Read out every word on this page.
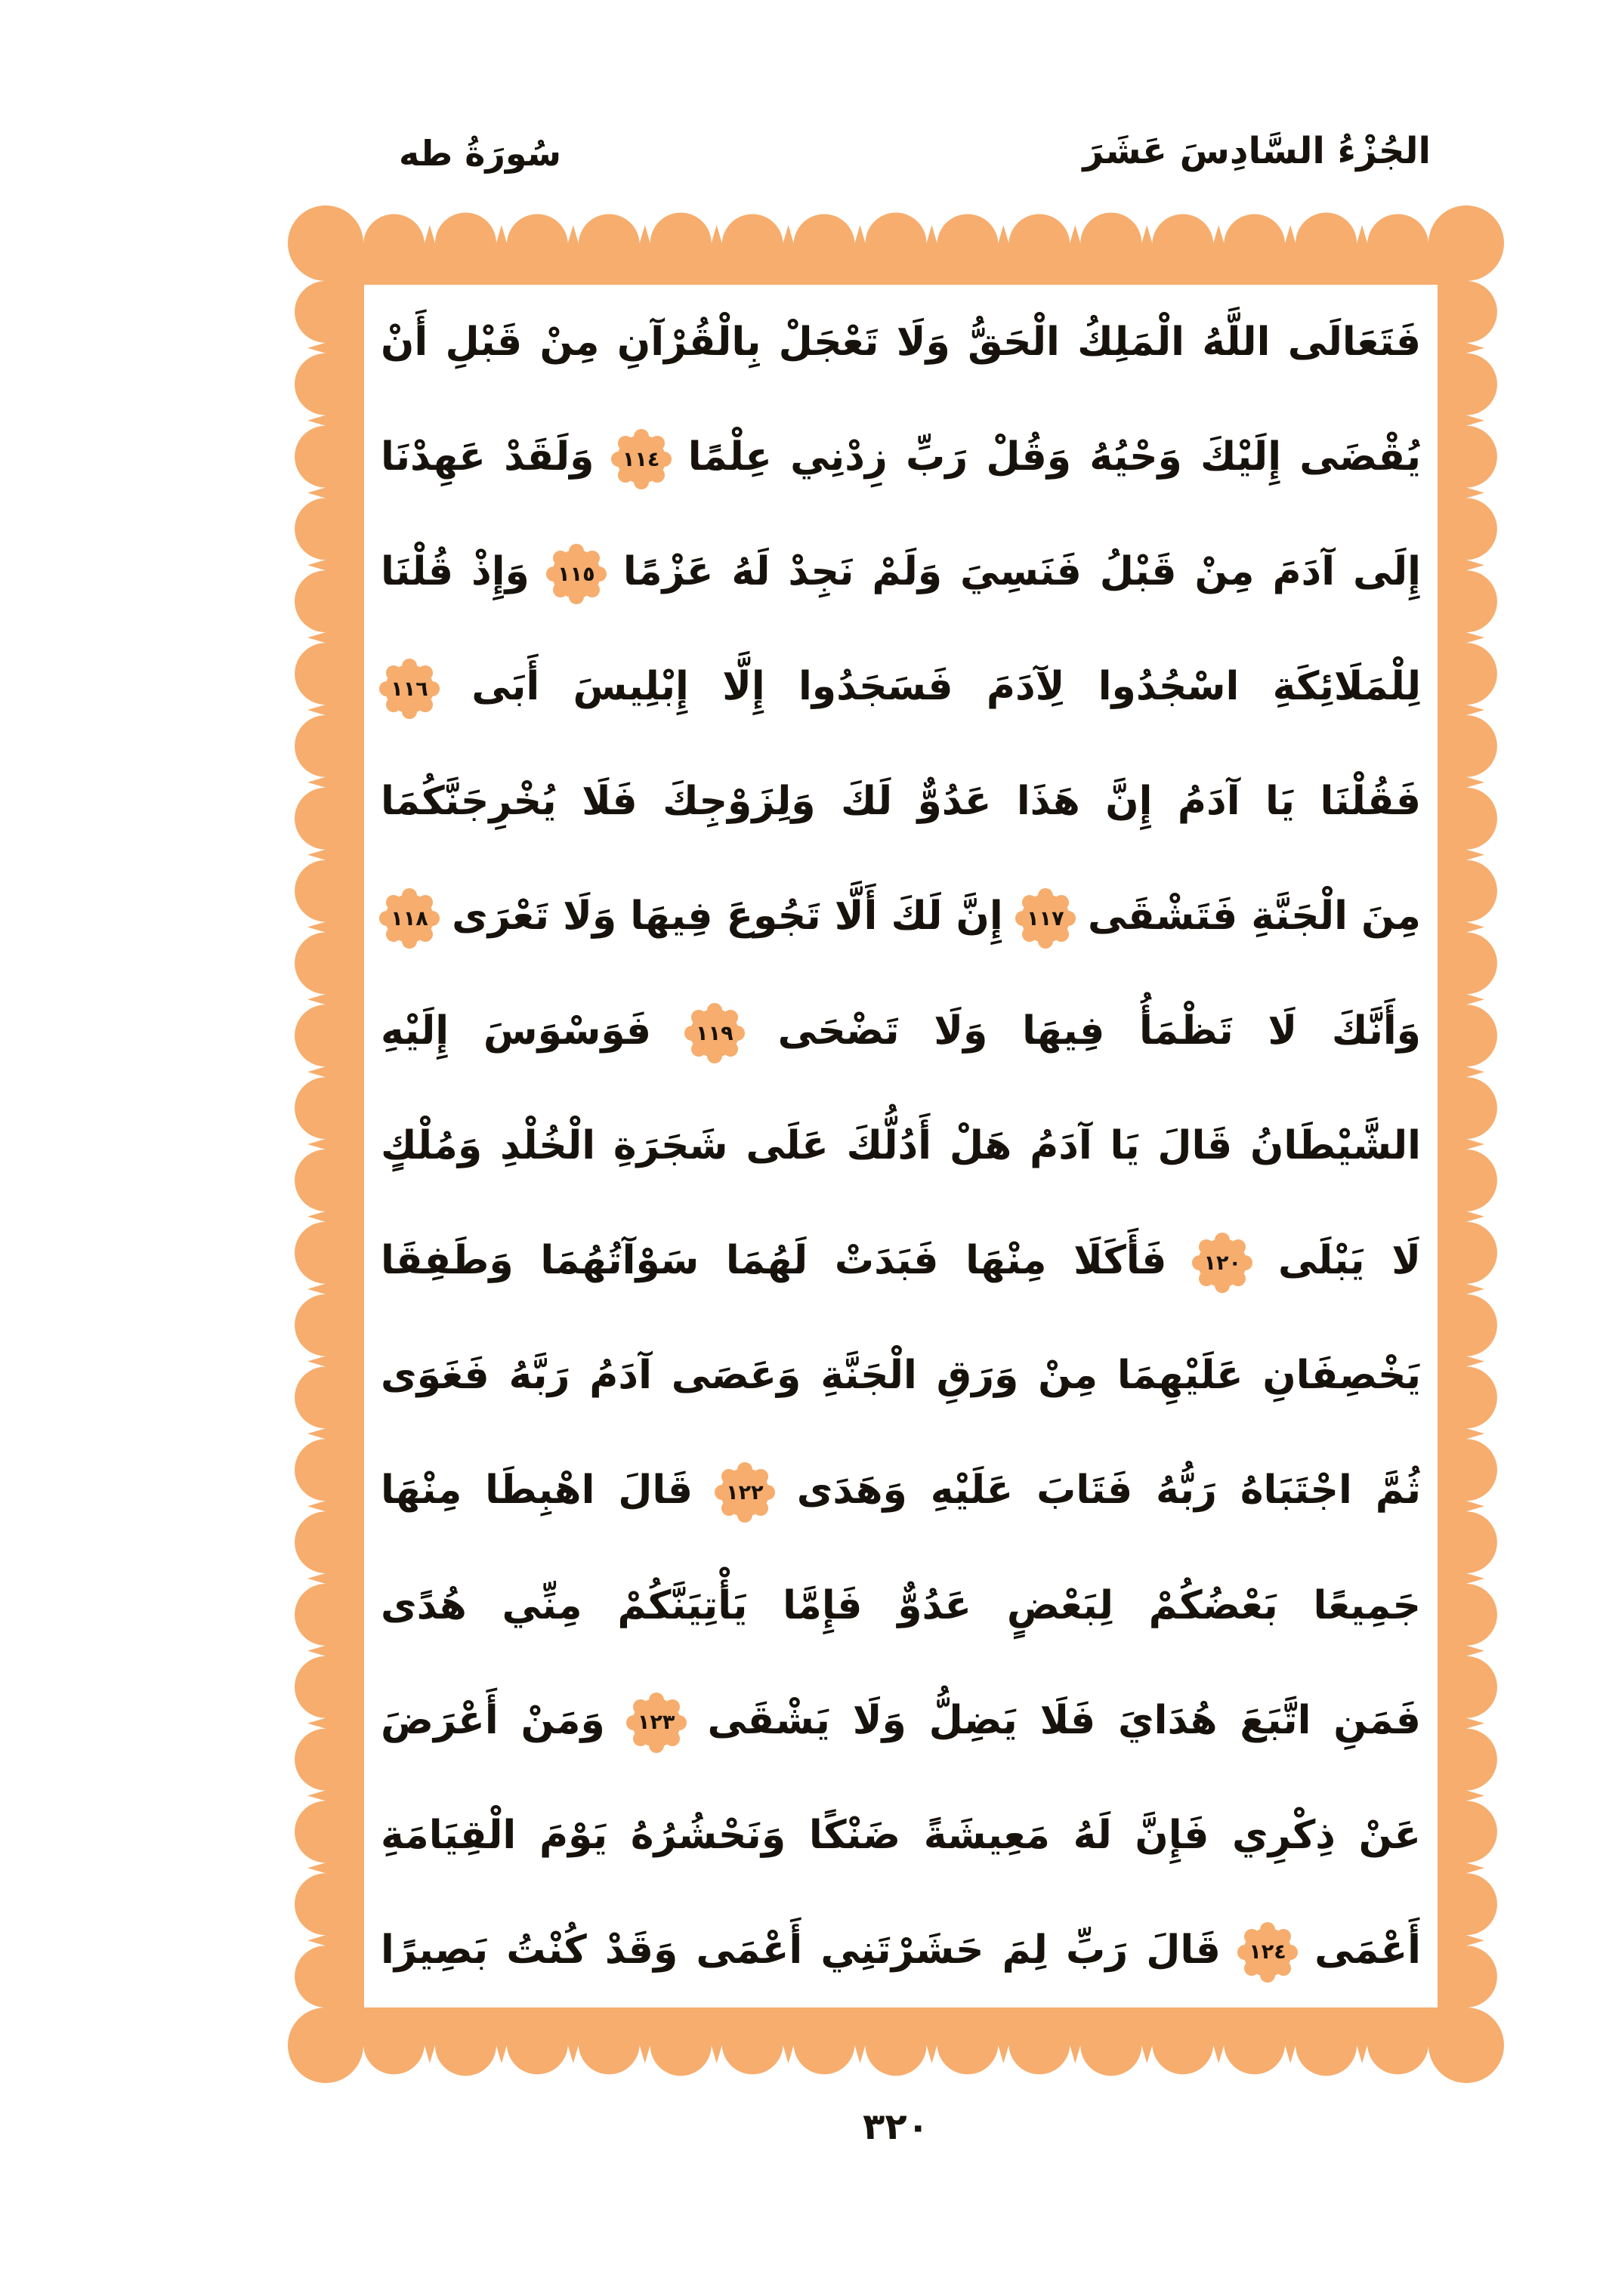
سُورَةُ طه	الجُزْءُ السَّادِسَ عَشَرَ
فَتَعَالَى اللَّهُ الْمَلِكُ الْحَقُّ وَلَا تَعْجَلْ بِالْقُرْآنِ مِنْ قَبْلِ أَنْ
يُقْضَى إِلَيْكَ وَحْيُهُ وَقُلْ رَبِّ زِدْنِي عِلْمًا
١١٤
وَلَقَدْ عَهِدْنَا
إِلَى آدَمَ مِنْ قَبْلُ فَنَسِيَ وَلَمْ نَجِدْ لَهُ عَزْمًا
١١٥
وَإِذْ قُلْنَا
لِلْمَلَائِكَةِ اسْجُدُوا لِآدَمَ فَسَجَدُوا إِلَّا إِبْلِيسَ أَبَى
١١٦
فَقُلْنَا يَا آدَمُ إِنَّ هَذَا عَدُوٌّ لَكَ وَلِزَوْجِكَ فَلَا يُخْرِجَنَّكُمَا
مِنَ الْجَنَّةِ فَتَشْقَى
١١٧
إِنَّ لَكَ أَلَّا تَجُوعَ فِيهَا وَلَا تَعْرَى
١١٨
وَأَنَّكَ لَا تَظْمَأُ فِيهَا وَلَا تَضْحَى
١١٩
فَوَسْوَسَ إِلَيْهِ
الشَّيْطَانُ قَالَ يَا آدَمُ هَلْ أَدُلُّكَ عَلَى شَجَرَةِ الْخُلْدِ وَمُلْكٍ
لَا يَبْلَى
١٢٠
فَأَكَلَا مِنْهَا فَبَدَتْ لَهُمَا سَوْآتُهُمَا وَطَفِقَا
يَخْصِفَانِ عَلَيْهِمَا مِنْ وَرَقِ الْجَنَّةِ وَعَصَى آدَمُ رَبَّهُ فَغَوَى
ثُمَّ اجْتَبَاهُ رَبُّهُ فَتَابَ عَلَيْهِ وَهَدَى
١٢٢
قَالَ اهْبِطَا مِنْهَا
جَمِيعًا بَعْضُكُمْ لِبَعْضٍ عَدُوٌّ فَإِمَّا يَأْتِيَنَّكُمْ مِنِّي هُدًى
فَمَنِ اتَّبَعَ هُدَايَ فَلَا يَضِلُّ وَلَا يَشْقَى
١٢٣
وَمَنْ أَعْرَضَ
عَنْ ذِكْرِي فَإِنَّ لَهُ مَعِيشَةً ضَنْكًا وَنَحْشُرُهُ يَوْمَ الْقِيَامَةِ
أَعْمَى
١٢٤
قَالَ رَبِّ لِمَ حَشَرْتَنِي أَعْمَى وَقَدْ كُنْتُ بَصِيرًا
٣٢٠
